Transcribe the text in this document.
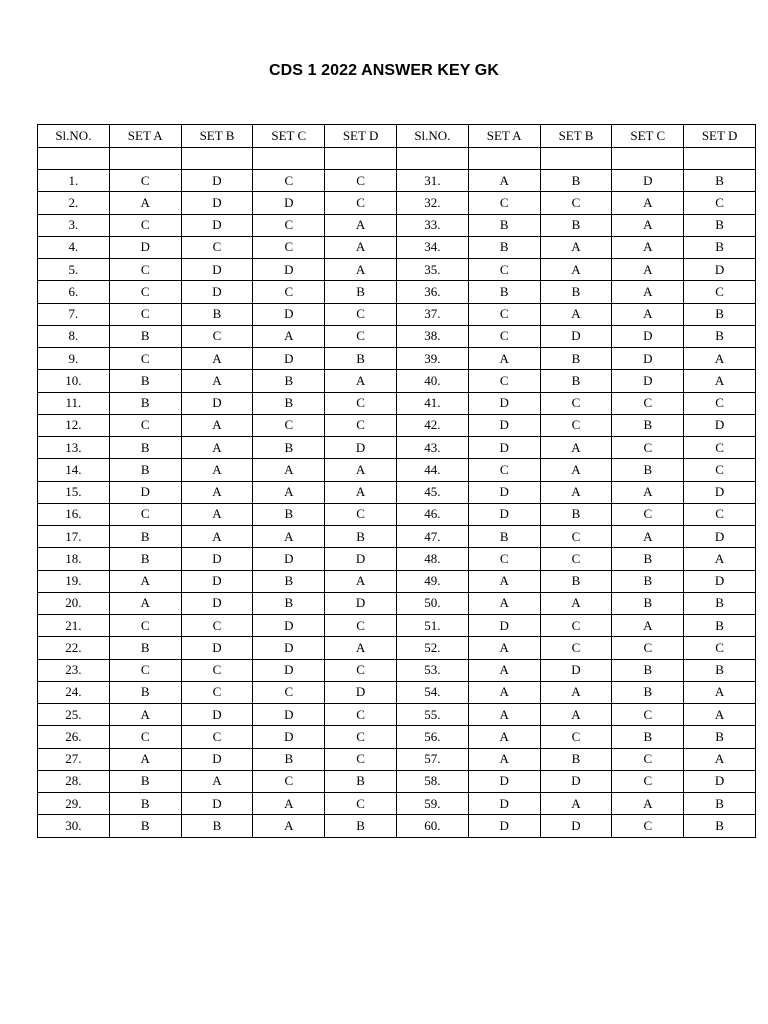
CDS 1 2022 ANSWER KEY GK
Sl.NO.	SET A	SET B	SET C	SET D	Sl.NO.	SET A	SET B	SET C	SET D

1.	C	D	C	C	31.	A	B	D	B
2.	A	D	D	C	32.	C	C	A	C
3.	C	D	C	A	33.	B	B	A	B
4.	D	C	C	A	34.	B	A	A	B
5.	C	D	D	A	35.	C	A	A	D
6.	C	D	C	B	36.	B	B	A	C
7.	C	B	D	C	37.	C	A	A	B
8.	B	C	A	C	38.	C	D	D	B
9.	C	A	D	B	39.	A	B	D	A
10.	B	A	B	A	40.	C	B	D	A
11.	B	D	B	C	41.	D	C	C	C
12.	C	A	C	C	42.	D	C	B	D
13.	B	A	B	D	43.	D	A	C	C
14.	B	A	A	A	44.	C	A	B	C
15.	D	A	A	A	45.	D	A	A	D
16.	C	A	B	C	46.	D	B	C	C
17.	B	A	A	B	47.	B	C	A	D
18.	B	D	D	D	48.	C	C	B	A
19.	A	D	B	A	49.	A	B	B	D
20.	A	D	B	D	50.	A	A	B	B
21.	C	C	D	C	51.	D	C	A	B
22.	B	D	D	A	52.	A	C	C	C
23.	C	C	D	C	53.	A	D	B	B
24.	B	C	C	D	54.	A	A	B	A
25.	A	D	D	C	55.	A	A	C	A
26.	C	C	D	C	56.	A	C	B	B
27.	A	D	B	C	57.	A	B	C	A
28.	B	A	C	B	58.	D	D	C	D
29.	B	D	A	C	59.	D	A	A	B
30.	B	B	A	B	60.	D	D	C	B
